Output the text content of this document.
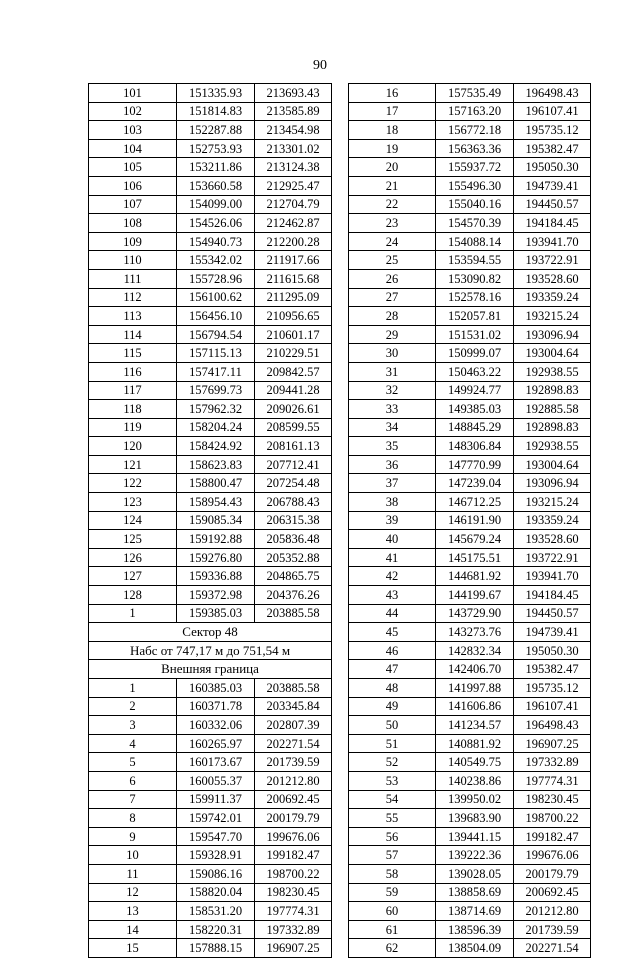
90
101	151335.93	213693.43
102	151814.83	213585.89
103	152287.88	213454.98
104	152753.93	213301.02
105	153211.86	213124.38
106	153660.58	212925.47
107	154099.00	212704.79
108	154526.06	212462.87
109	154940.73	212200.28
110	155342.02	211917.66
111	155728.96	211615.68
112	156100.62	211295.09
113	156456.10	210956.65
114	156794.54	210601.17
115	157115.13	210229.51
116	157417.11	209842.57
117	157699.73	209441.28
118	157962.32	209026.61
119	158204.24	208599.55
120	158424.92	208161.13
121	158623.83	207712.41
122	158800.47	207254.48
123	158954.43	206788.43
124	159085.34	206315.38
125	159192.88	205836.48
126	159276.80	205352.88
127	159336.88	204865.75
128	159372.98	204376.26
1	159385.03	203885.58
Сектор 48		
Набс от 747,17 м до 751,54 м		
Внешняя граница		
1	160385.03	203885.58
2	160371.78	203345.84
3	160332.06	202807.39
4	160265.97	202271.54
5	160173.67	201739.59
6	160055.37	201212.80
7	159911.37	200692.45
8	159742.01	200179.79
9	159547.70	199676.06
10	159328.91	199182.47
11	159086.16	198700.22
12	158820.04	198230.45
13	158531.20	197774.31
14	158220.31	197332.89
15	157888.15	196907.25
16	157535.49	196498.43
17	157163.20	196107.41
18	156772.18	195735.12
19	156363.36	195382.47
20	155937.72	195050.30
21	155496.30	194739.41
22	155040.16	194450.57
23	154570.39	194184.45
24	154088.14	193941.70
25	153594.55	193722.91
26	153090.82	193528.60
27	152578.16	193359.24
28	152057.81	193215.24
29	151531.02	193096.94
30	150999.07	193004.64
31	150463.22	192938.55
32	149924.77	192898.83
33	149385.03	192885.58
34	148845.29	192898.83
35	148306.84	192938.55
36	147770.99	193004.64
37	147239.04	193096.94
38	146712.25	193215.24
39	146191.90	193359.24
40	145679.24	193528.60
41	145175.51	193722.91
42	144681.92	193941.70
43	144199.67	194184.45
44	143729.90	194450.57
45	143273.76	194739.41
46	142832.34	195050.30
47	142406.70	195382.47
48	141997.88	195735.12
49	141606.86	196107.41
50	141234.57	196498.43
51	140881.92	196907.25
52	140549.75	197332.89
53	140238.86	197774.31
54	139950.02	198230.45
55	139683.90	198700.22
56	139441.15	199182.47
57	139222.36	199676.06
58	139028.05	200179.79
59	138858.69	200692.45
60	138714.69	201212.80
61	138596.39	201739.59
62	138504.09	202271.54
